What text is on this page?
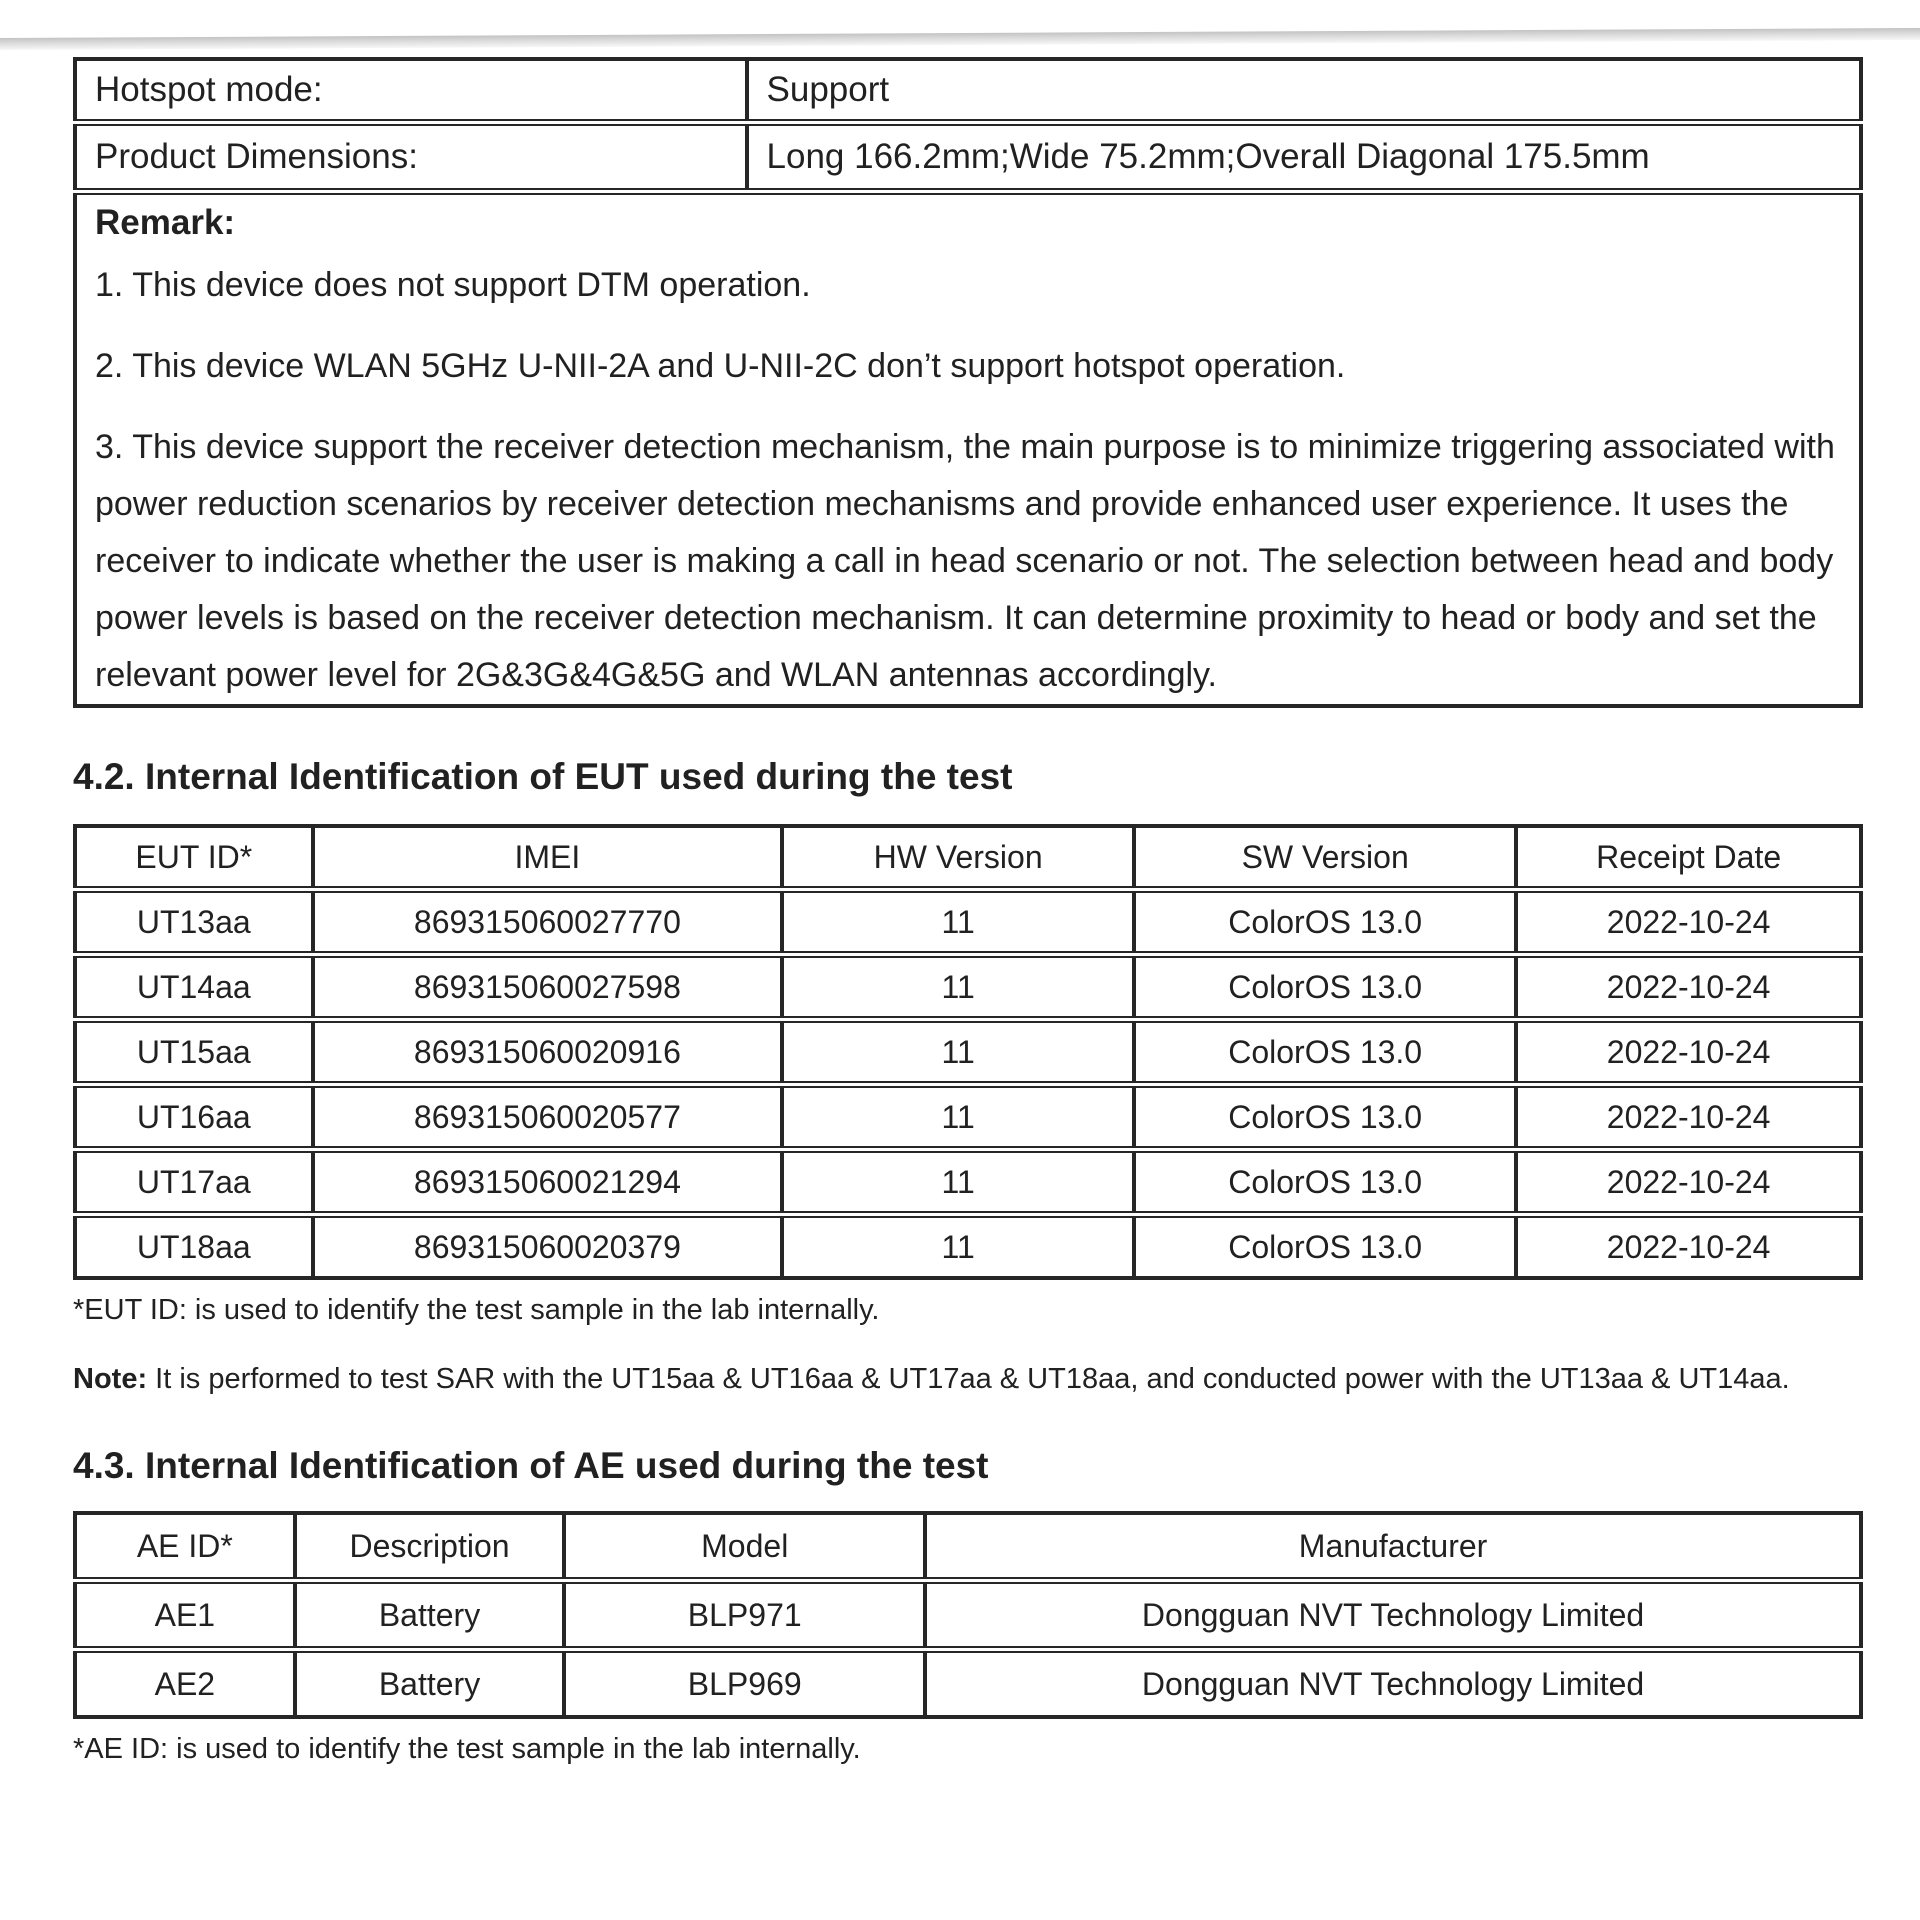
Hotspot mode:	Support
Product Dimensions:	Long 166.2mm;Wide 75.2mm;Overall Diagonal 175.5mm

Remark:

1. This device does not support DTM operation.

2. This device WLAN 5GHz U-NII-2A and U-NII-2C don’t support hotspot operation.

3. This device support the receiver detection mechanism, the main purpose is to minimize triggering associated with power reduction scenarios by receiver detection mechanisms and provide enhanced user experience. It uses the receiver to indicate whether the user is making a call in head scenario or not. The selection between head and body power levels is based on the receiver detection mechanism. It can determine proximity to head or body and set the relevant power level for 2G&3G&4G&5G and WLAN antennas accordingly.	

4.2. Internal Identification of EUT used during the test
EUT ID*	IMEI	HW Version	SW Version	Receipt Date
UT13aa	869315060027770	11	ColorOS 13.0	2022-10-24
UT14aa	869315060027598	11	ColorOS 13.0	2022-10-24
UT15aa	869315060020916	11	ColorOS 13.0	2022-10-24
UT16aa	869315060020577	11	ColorOS 13.0	2022-10-24
UT17aa	869315060021294	11	ColorOS 13.0	2022-10-24
UT18aa	869315060020379	11	ColorOS 13.0	2022-10-24

*EUT ID: is used to identify the test sample in the lab internally.

Note: It is performed to test SAR with the UT15aa & UT16aa & UT17aa & UT18aa, and conducted power with the UT13aa & UT14aa.

4.3. Internal Identification of AE used during the test
AE ID*	Description	Model	Manufacturer
AE1	Battery	BLP971	Dongguan NVT Technology Limited
AE2	Battery	BLP969	Dongguan NVT Technology Limited

*AE ID: is used to identify the test sample in the lab internally.
